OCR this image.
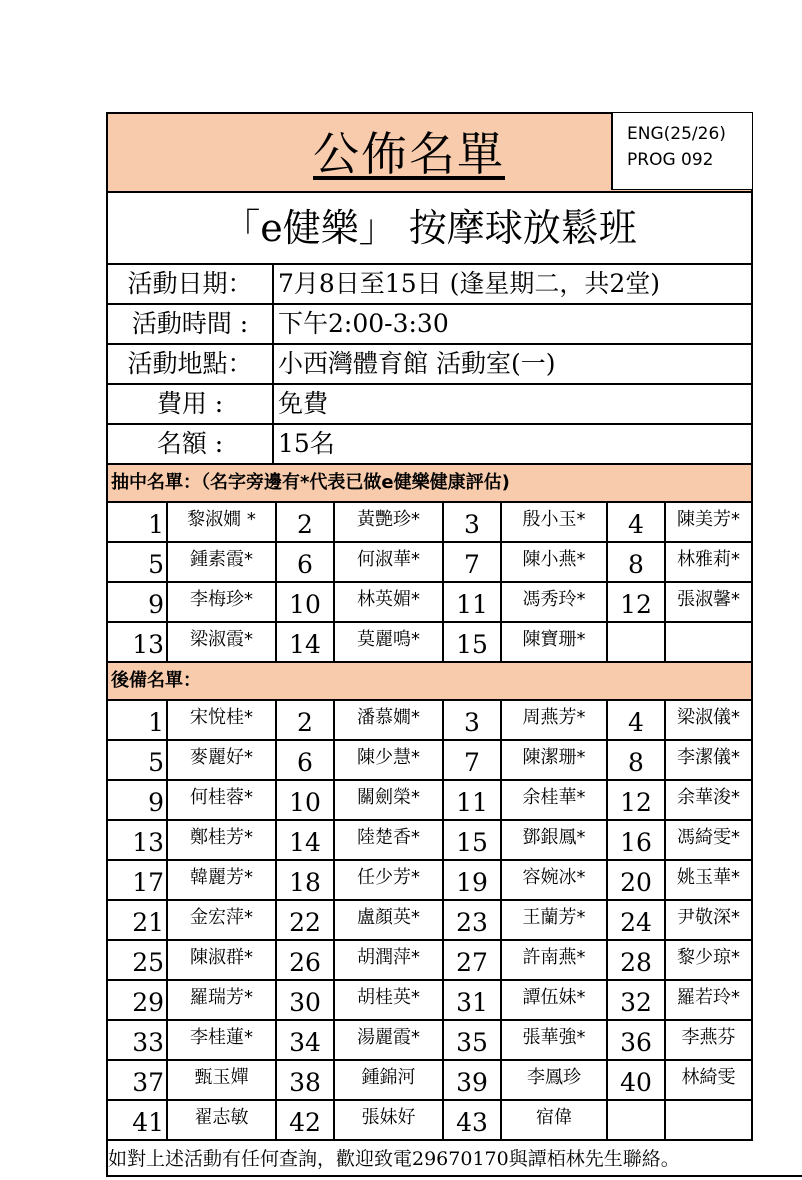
公佈名單	ENG(25/26)
PROG 092
「e健樂」 按摩球放鬆班
活動日期：	7月8日至15日 (逢星期二，共2堂)
活動時間 :	下午2:00-3:30
活動地點：	小西灣體育館 活動室(一)
費用 :	免費
名額 :	15名
抽中名單：（名字旁邊有*代表已做e健樂健康評估)
1	黎淑嫺 *	2	黃艷珍*	3	殷小玉*	4	陳美芳*
5	鍾素霞*	6	何淑華*	7	陳小燕*	8	林雅莉*
9	李梅珍*	10	林英媚*	11	馮秀玲*	12	張淑馨*
13	梁淑霞*	14	莫麗鳴*	15	陳寶珊*
後備名單：
1	宋悅桂*	2	潘慕嫺*	3	周燕芳*	4	梁淑儀*
5	麥麗好*	6	陳少慧*	7	陳潔珊*	8	李潔儀*
9	何桂蓉*	10	關劍榮*	11	余桂華*	12	余華浚*
13	鄭桂芳*	14	陸楚香*	15	鄧銀鳳*	16	馮綺雯*
17	韓麗芳*	18	任少芳*	19	容婉冰*	20	姚玉華*
21	金宏萍*	22	盧顏英*	23	王蘭芳*	24	尹敬深*
25	陳淑群*	26	胡潤萍*	27	許南燕*	28	黎少琼*
29	羅瑞芳*	30	胡桂英*	31	譚伍妹*	32	羅若玲*
33	李桂蓮*	34	湯麗霞*	35	張華強*	36	李燕芬
37	甄玉嬋	38	鍾錦河	39	李鳳珍	40	林綺雯
41	翟志敏	42	張妹好	43	宿偉
如對上述活動有任何查詢，歡迎致電29670170與譚栢林先生聯絡。
